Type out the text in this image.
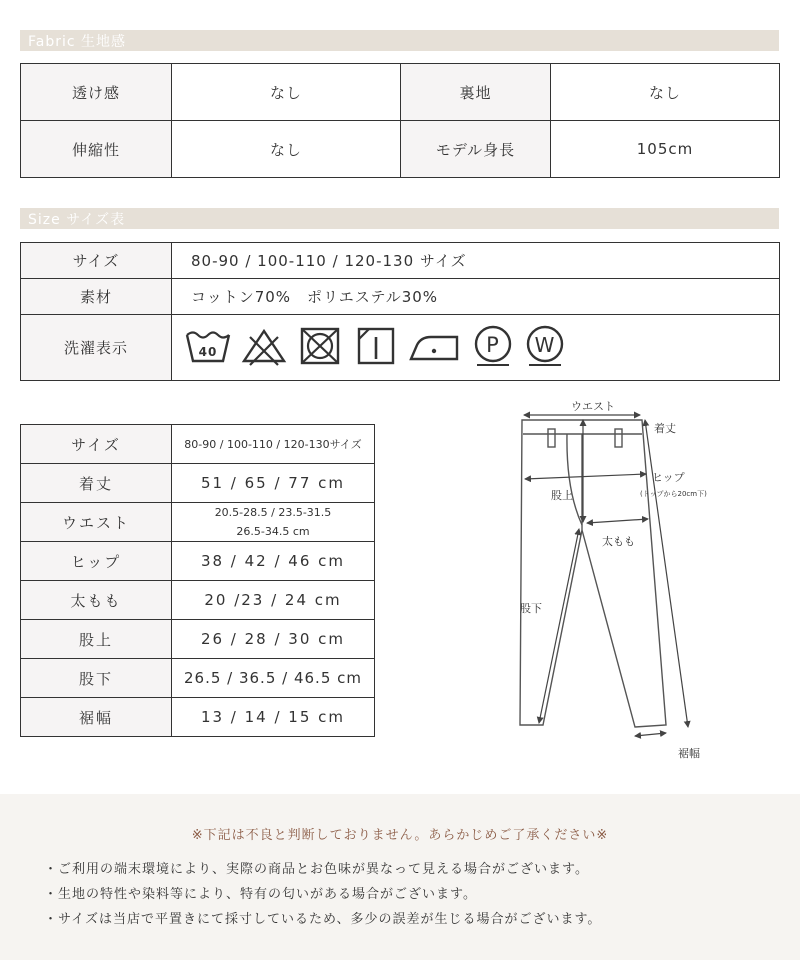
Fabric 生地感
透け感	なし	裏地	なし
伸縮性	なし	モデル身長	105cm
Size サイズ表
サイズ	80-90 / 100-110 / 120-130 サイズ
素材	コットン70%　ポリエステル30%
洗濯表示	40
P
W
サイズ	80-90 / 100-110 / 120-130サイズ
着丈	51 / 65 / 77 cm
ウエスト	20.5-28.5 / 23.5-31.5
26.5-34.5 cm

ヒップ	38 / 42 / 46 cm
太もも	20 /23 / 24 cm
股上	26 / 28 / 30 cm
股下	26.5 / 36.5 / 46.5 cm
裾幅	13 / 14 / 15 cm
ウエスト
着丈
ヒップ
(トップから20cm下)
股上
太もも
股下
裾幅
※下記は不良と判断しておりません。あらかじめご了承ください※
・ご利用の端末環境により、実際の商品とお色味が異なって見える場合がございます。
・生地の特性や染料等により、特有の匂いがある場合がございます。
・サイズは当店で平置きにて採寸しているため、多少の誤差が生じる場合がございます。
